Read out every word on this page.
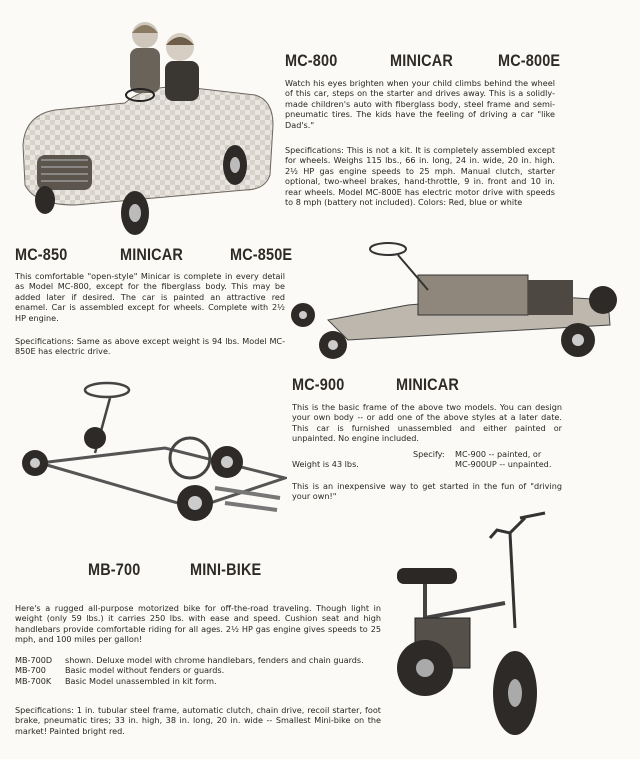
MC-800	MINICAR	MC-800E

Watch his eyes brighten when your child climbs behind the wheel of this car, steps on the starter and drives away. This is a solidly-made children's auto with fiberglass body, steel frame and semi-pneumatic tires. The kids have the feeling of driving a car "like Dad's."

Specifications: This is not a kit. It is completely assembled except for wheels. Weighs 115 lbs., 66 in. long, 24 in. wide, 20 in. high. 2½ HP gas engine speeds to 25 mph. Manual clutch, starter optional, two-wheel brakes, hand-throttle, 9 in. front and 10 in. rear wheels. Model MC-800E has electric motor drive with speeds to 8 mph (battery not included). Colors: Red, blue or white

MC-850	MINICAR	MC-850E

This comfortable "open-style" Minicar is complete in every detail as Model MC-800, except for the fiberglass body. This may be added later if desired. The car is painted an attractive red enamel. Car is assembled except for wheels. Complete with 2½ HP engine.

Specifications: Same as above except weight is 94 lbs. Model MC-850E has electric drive.

MC-900	MINICAR

This is the basic frame of the above two models. You can design your own body -- or add one of the above styles at a later date. This car is furnished unassembled and either painted or unpainted. No engine included.

Specify: MC-900 -- painted, or
MC-900UP -- unpainted.
Weight is 43 lbs.

This is an inexpensive way to get started in the fun of "driving your own!"

MB-700	MINI-BIKE

Here's a rugged all-purpose motorized bike for off-the-road traveling. Though light in weight (only 59 lbs.) it carries 250 lbs. with ease and speed. Cushion seat and high handlebars provide comfortable riding for all ages. 2½ HP gas engine gives speeds to 25 mph, and 100 miles per gallon!

MB-700D	shown. Deluxe model with chrome handlebars, fenders and chain guards.
MB-700	Basic model without fenders or guards.
MB-700K	Basic Model unassembled in kit form.

Specifications: 1 in. tubular steel frame, automatic clutch, chain drive, recoil starter, foot brake, pneumatic tires; 33 in. high, 38 in. long, 20 in. wide -- Smallest Mini-bike on the market! Painted bright red.
